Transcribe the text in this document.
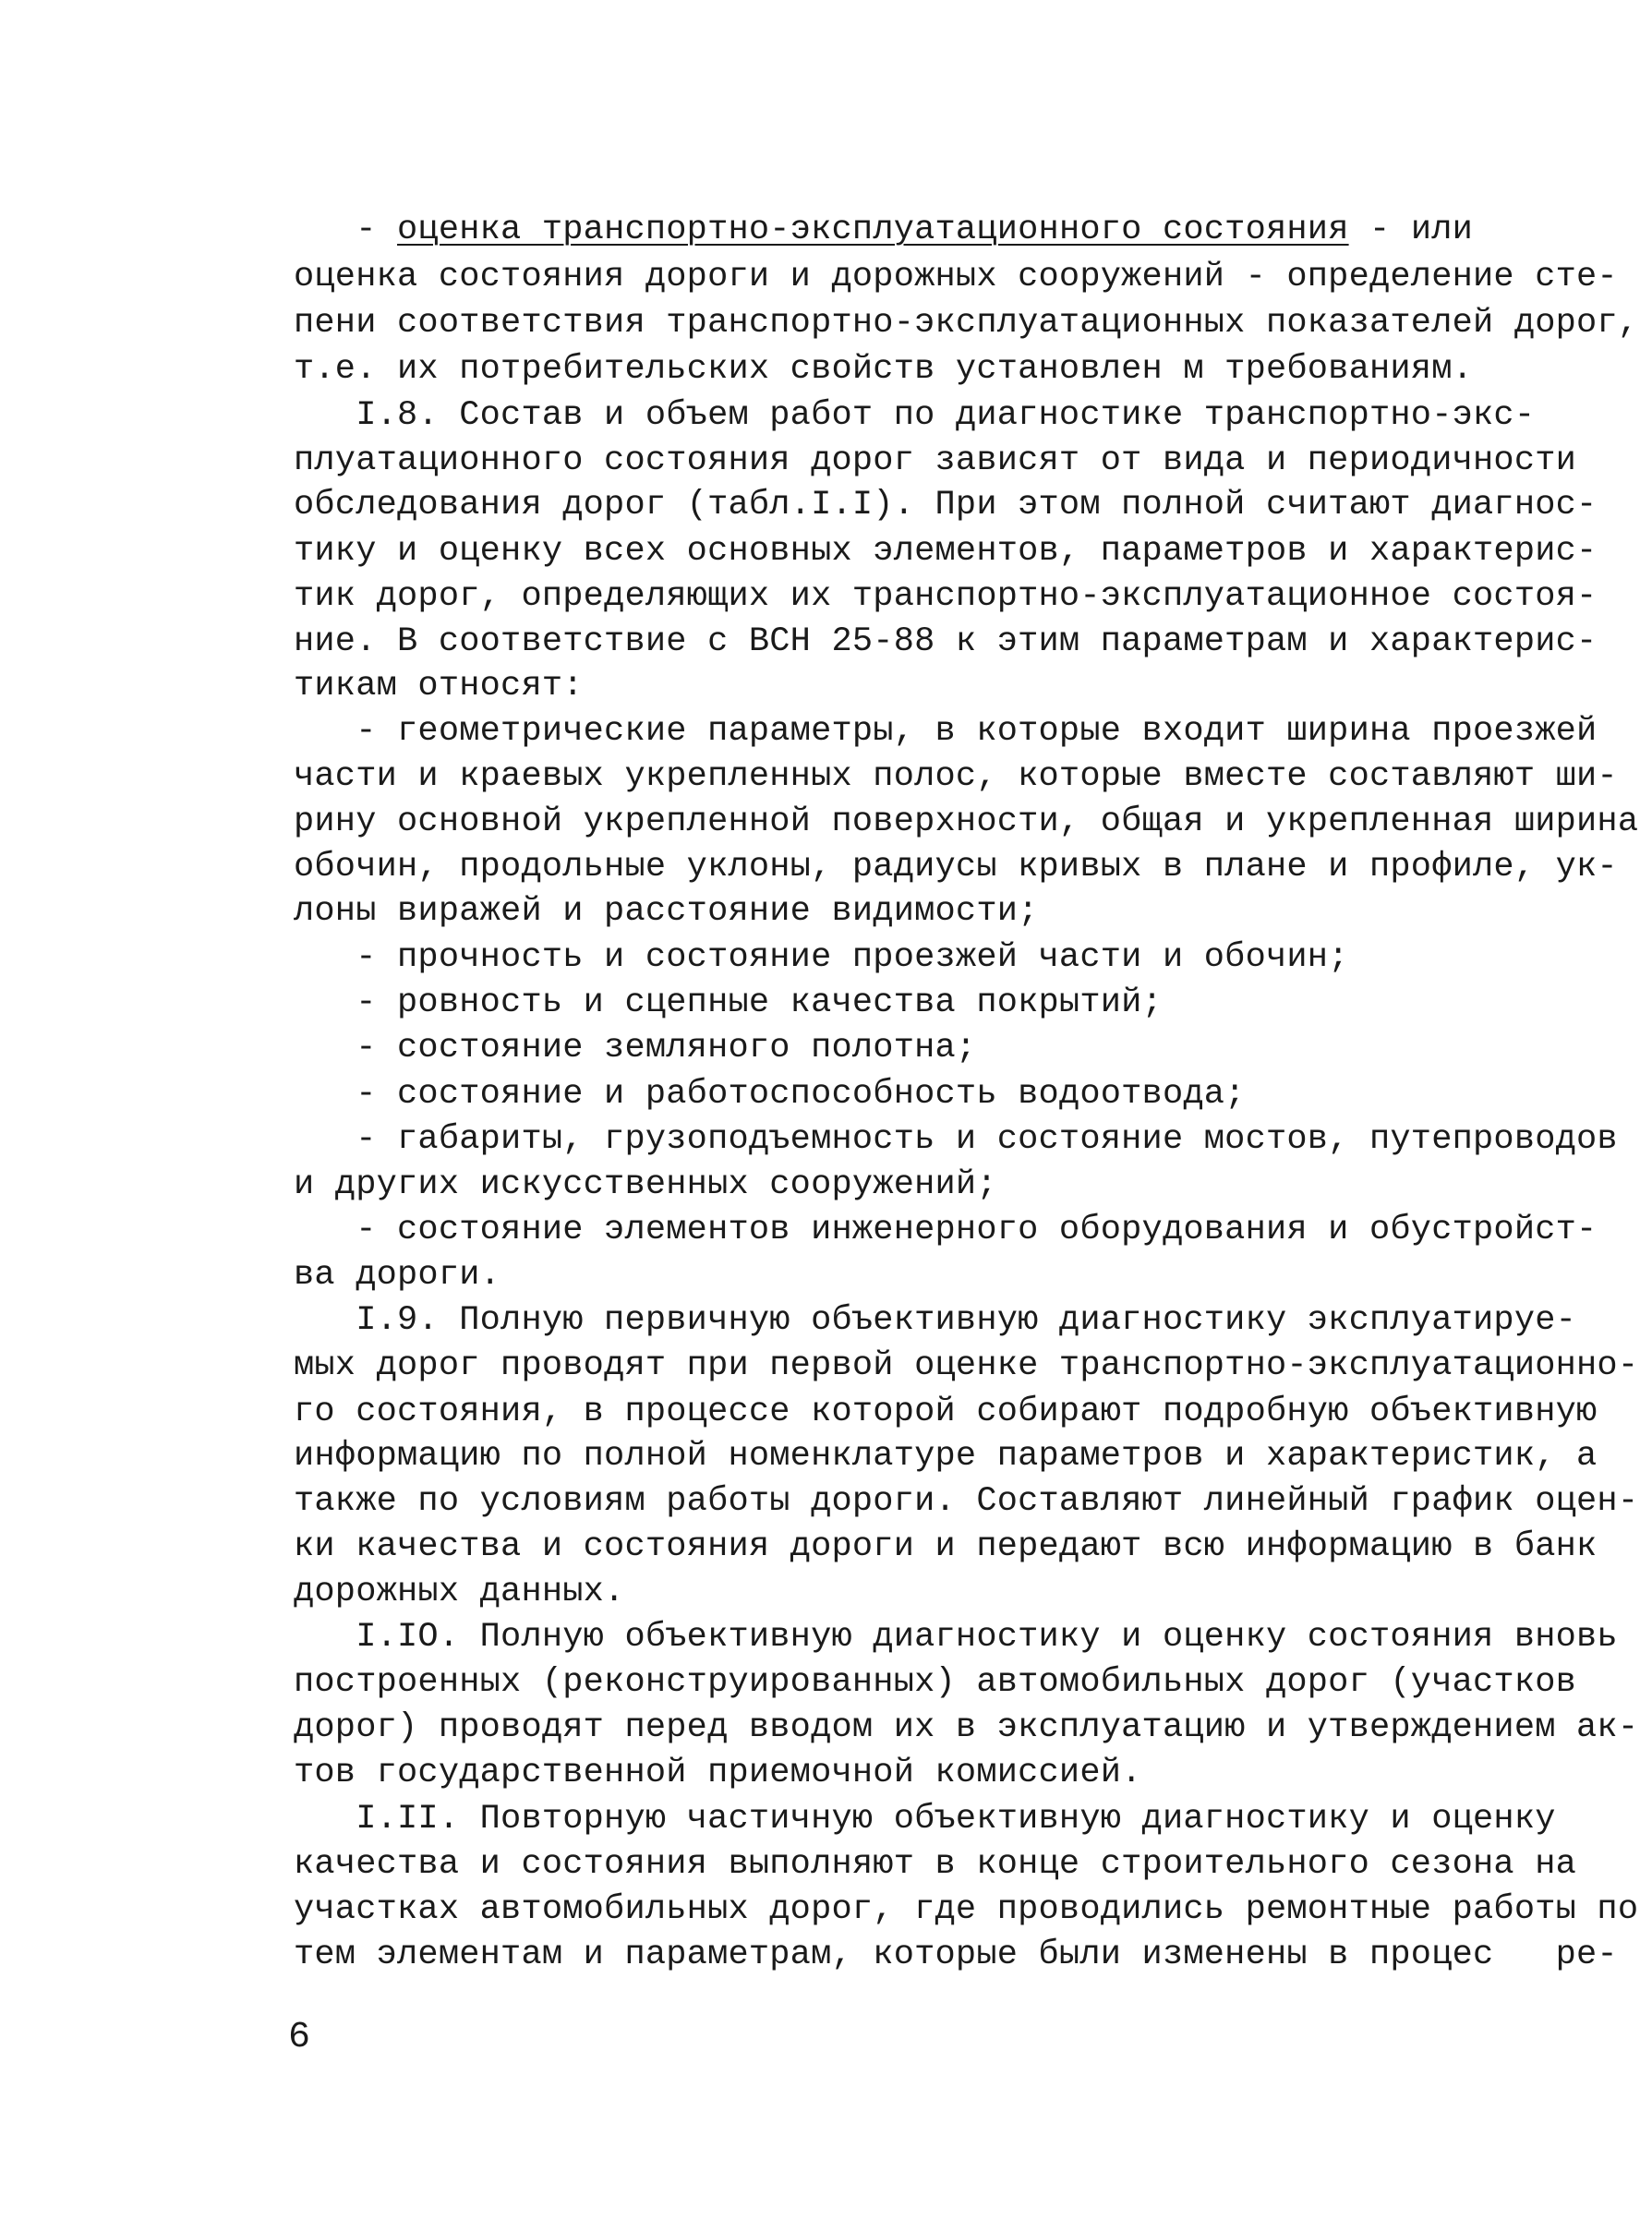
- оценка транспортно-эксплуатационного состояния - или
оценка состояния дороги и дорожных сооружений - определение сте-
пени соответствия транспортно-эксплуатационных показателей дорог,
т.е. их потребительских свойств установлен м требованиям.
I.8. Состав и объем работ по диагностике транспортно-экс-
плуатационного состояния дорог зависят от вида и периодичности
обследования дорог (табл.I.I). При этом полной считают диагнос-
тику и оценку всех основных элементов, параметров и характерис-
тик дорог, определяющих их транспортно-эксплуатационное состоя-
ние. В соответствие с ВСН 25-88 к этим параметрам и характерис-
тикам относят:
- геометрические параметры, в которые входит ширина проезжей
части и краевых укрепленных полос, которые вместе составляют ши-
рину основной укрепленной поверхности, общая и укрепленная ширина
обочин, продольные уклоны, радиусы кривых в плане и профиле, ук-
лоны виражей и расстояние видимости;
- прочность и состояние проезжей части и обочин;
- ровность и сцепные качества покрытий;
- состояние земляного полотна;
- состояние и работоспособность водоотвода;
- габариты, грузоподъемность и состояние мостов, путепроводов
и других искусственных сооружений;
- состояние элементов инженерного оборудования и обустройст-
ва дороги.
I.9. Полную первичную объективную диагностику эксплуатируе-
мых дорог проводят при первой оценке транспортно-эксплуатационно-
го состояния, в процессе которой собирают подробную объективную
информацию по полной номенклатуре параметров и характеристик, а
также по условиям работы дороги. Составляют линейный график оцен-
ки качества и состояния дороги и передают всю информацию в банк
дорожных данных.
I.IO. Полную объективную диагностику и оценку состояния вновь
построенных (реконструированных) автомобильных дорог (участков
дорог) проводят перед вводом их в эксплуатацию и утверждением ак-
тов государственной приемочной комиссией.
I.II. Повторную частичную объективную диагностику и оценку
качества и состояния выполняют в конце строительного сезона на
участках автомобильных дорог, где проводились ремонтные работы по
тем элементам и параметрам, которые были изменены в процес   ре-
6
